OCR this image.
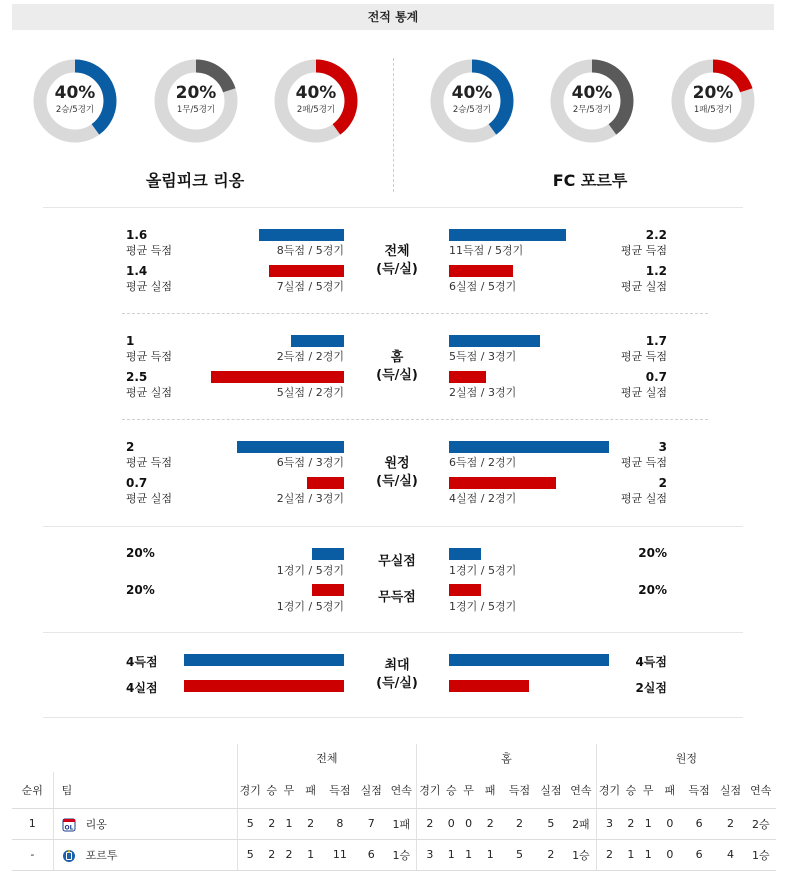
전적 통계
40%
2승/5경기
20%
1무/5경기
40%
2패/5경기
40%
2승/5경기
40%
2무/5경기
20%
1패/5경기
올림피크 리옹	FC 포르투
1.6
평균 득점	8득점 / 5경기
1.4
평균 실점	7실점 / 5경기
전체
(득/실)
11득점 / 5경기
2.2
평균 득점
6실점 / 5경기
1.2
평균 실점
1
평균 득점	2득점 / 2경기
2.5
평균 실점	5실점 / 2경기
홈
(득/실)
5득점 / 3경기
1.7
평균 득점
2실점 / 3경기
0.7
평균 실점
2
평균 득점	6득점 / 3경기
0.7
평균 실점	2실점 / 3경기
원정
(득/실)
6득점 / 2경기
3
평균 득점
4실점 / 2경기
2
평균 실점
20%
1경기 / 5경기
무실점
1경기 / 5경기
20%
20%
1경기 / 5경기
무득점
1경기 / 5경기
20%
4득점
4실점
최대
(득/실)
4득점
2실점
		전체							홈							원정						
순위	팀	경기	승	무	패	득점	실점	연속	경기	승	무	패	득점	실점	연속	경기	승	무	패	득점	실점	연속
1	OL 리옹	5	2	1	2	8	7	1패	2	0	0	2	2	5	2패	3	2	1	0	6	2	2승
-	포르투	5	2	2	1	11	6	1승	3	1	1	1	5	2	1승	2	1	1	0	6	4	1승
